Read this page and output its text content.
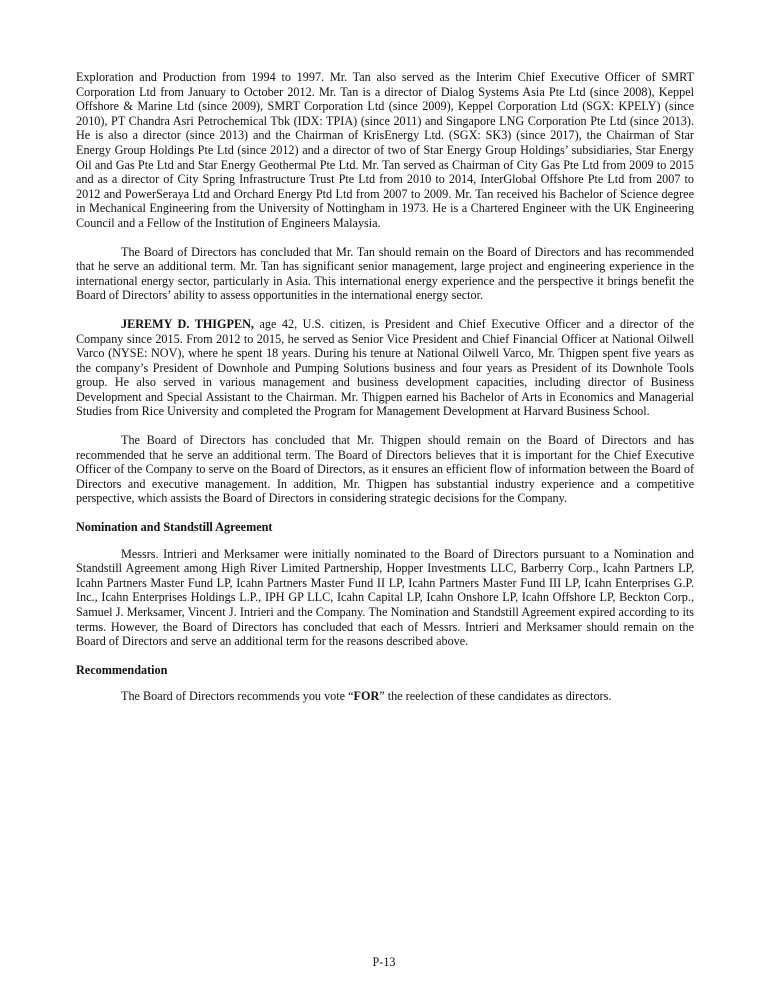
Exploration and Production from 1994 to 1997. Mr. Tan also served as the Interim Chief Executive Officer of SMRT Corporation Ltd from January to October 2012. Mr. Tan is a director of Dialog Systems Asia Pte Ltd (since 2008), Keppel Offshore & Marine Ltd (since 2009), SMRT Corporation Ltd (since 2009), Keppel Corporation Ltd (SGX: KPELY) (since 2010), PT Chandra Asri Petrochemical Tbk (IDX: TPIA) (since 2011) and Singapore LNG Corporation Pte Ltd (since 2013). He is also a director (since 2013) and the Chairman of KrisEnergy Ltd. (SGX: SK3) (since 2017), the Chairman of Star Energy Group Holdings Pte Ltd (since 2012) and a director of two of Star Energy Group Holdings’ subsidiaries, Star Energy Oil and Gas Pte Ltd and Star Energy Geothermal Pte Ltd. Mr. Tan served as Chairman of City Gas Pte Ltd from 2009 to 2015 and as a director of City Spring Infrastructure Trust Pte Ltd from 2010 to 2014, InterGlobal Offshore Pte Ltd from 2007 to 2012 and PowerSeraya Ltd and Orchard Energy Ptd Ltd from 2007 to 2009. Mr. Tan received his Bachelor of Science degree in Mechanical Engineering from the University of Nottingham in 1973. He is a Chartered Engineer with the UK Engineering Council and a Fellow of the Institution of Engineers Malaysia.

The Board of Directors has concluded that Mr. Tan should remain on the Board of Directors and has recommended that he serve an additional term. Mr. Tan has significant senior management, large project and engineering experience in the international energy sector, particularly in Asia. This international energy experience and the perspective it brings benefit the Board of Directors’ ability to assess opportunities in the international energy sector.

JEREMY D. THIGPEN, age 42, U.S. citizen, is President and Chief Executive Officer and a director of the Company since 2015. From 2012 to 2015, he served as Senior Vice President and Chief Financial Officer at National Oilwell Varco (NYSE: NOV), where he spent 18 years. During his tenure at National Oilwell Varco, Mr. Thigpen spent five years as the company’s President of Downhole and Pumping Solutions business and four years as President of its Downhole Tools group. He also served in various management and business development capacities, including director of Business Development and Special Assistant to the Chairman. Mr. Thigpen earned his Bachelor of Arts in Economics and Managerial Studies from Rice University and completed the Program for Management Development at Harvard Business School.

The Board of Directors has concluded that Mr. Thigpen should remain on the Board of Directors and has recommended that he serve an additional term. The Board of Directors believes that it is important for the Chief Executive Officer of the Company to serve on the Board of Directors, as it ensures an efficient flow of information between the Board of Directors and executive management. In addition, Mr. Thigpen has substantial industry experience and a competitive perspective, which assists the Board of Directors in considering strategic decisions for the Company.

Nomination and Standstill Agreement

Messrs. Intrieri and Merksamer were initially nominated to the Board of Directors pursuant to a Nomination and Standstill Agreement among High River Limited Partnership, Hopper Investments LLC, Barberry Corp., Icahn Partners LP, Icahn Partners Master Fund LP, Icahn Partners Master Fund II LP, Icahn Partners Master Fund III LP, Icahn Enterprises G.P. Inc., Icahn Enterprises Holdings L.P., IPH GP LLC, Icahn Capital LP, Icahn Onshore LP, Icahn Offshore LP, Beckton Corp., Samuel J. Merksamer, Vincent J. Intrieri and the Company. The Nomination and Standstill Agreement expired according to its terms. However, the Board of Directors has concluded that each of Messrs. Intrieri and Merksamer should remain on the Board of Directors and serve an additional term for the reasons described above.

Recommendation

The Board of Directors recommends you vote “FOR” the reelection of these candidates as directors.

P-13
